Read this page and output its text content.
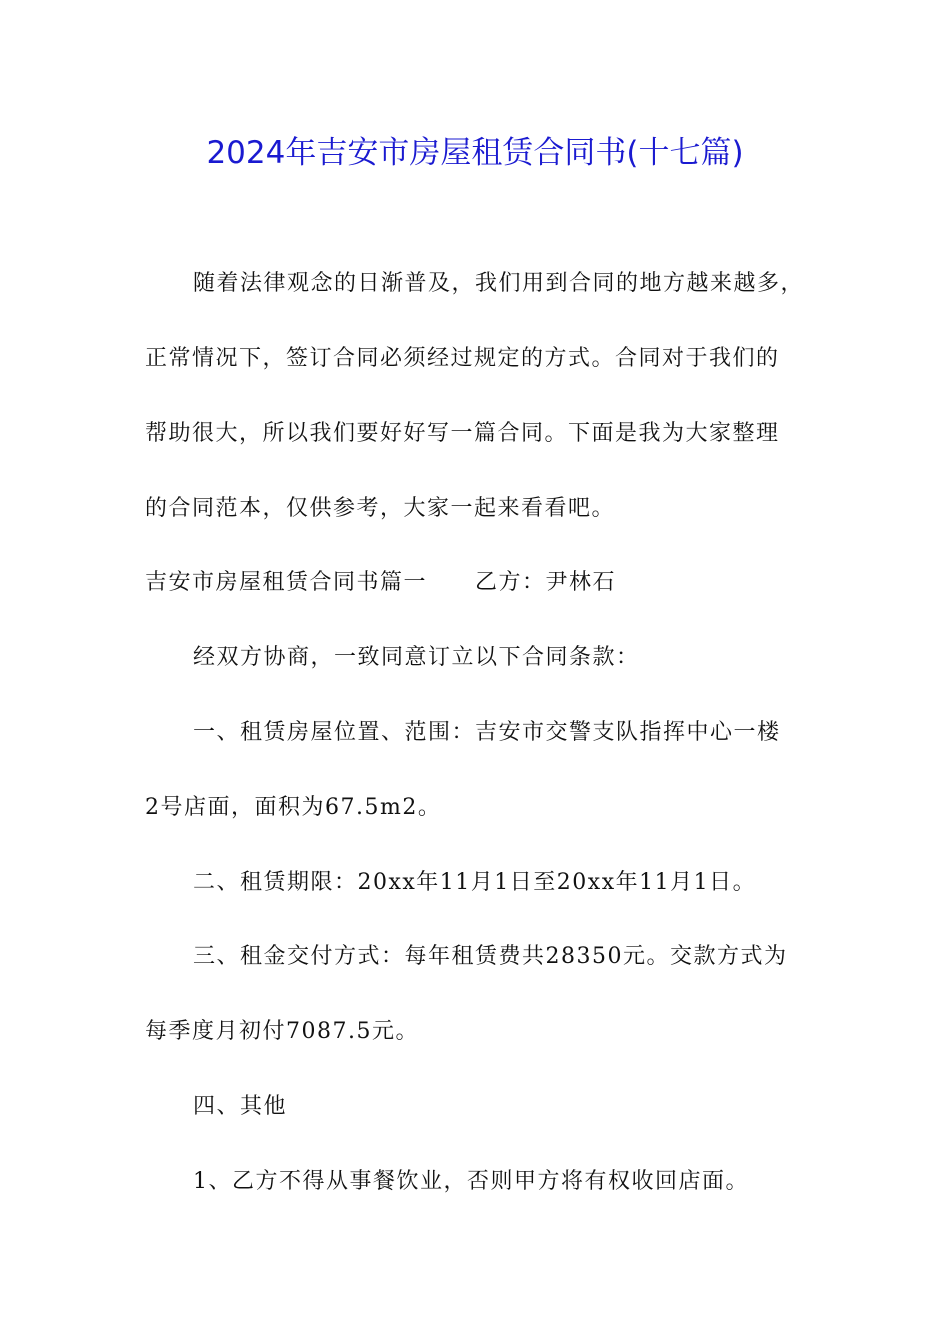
2024年吉安市房屋租赁合同书(十七篇)
随着法律观念的日渐普及，我们用到合同的地方越来越多，
正常情况下，签订合同必须经过规定的方式。合同对于我们的
帮助很大，所以我们要好好写一篇合同。下面是我为大家整理
的合同范本，仅供参考，大家一起来看看吧。
吉安市房屋租赁合同书篇一 乙方：尹林石
经双方协商，一致同意订立以下合同条款：
一、租赁房屋位置、范围：吉安市交警支队指挥中心一楼
2号店面，面积为67.5m2。
二、租赁期限：20xx年11月1日至20xx年11月1日。
三、租金交付方式：每年租赁费共28350元。交款方式为
每季度月初付7087.5元。
四、其他
1、乙方不得从事餐饮业，否则甲方将有权收回店面。
